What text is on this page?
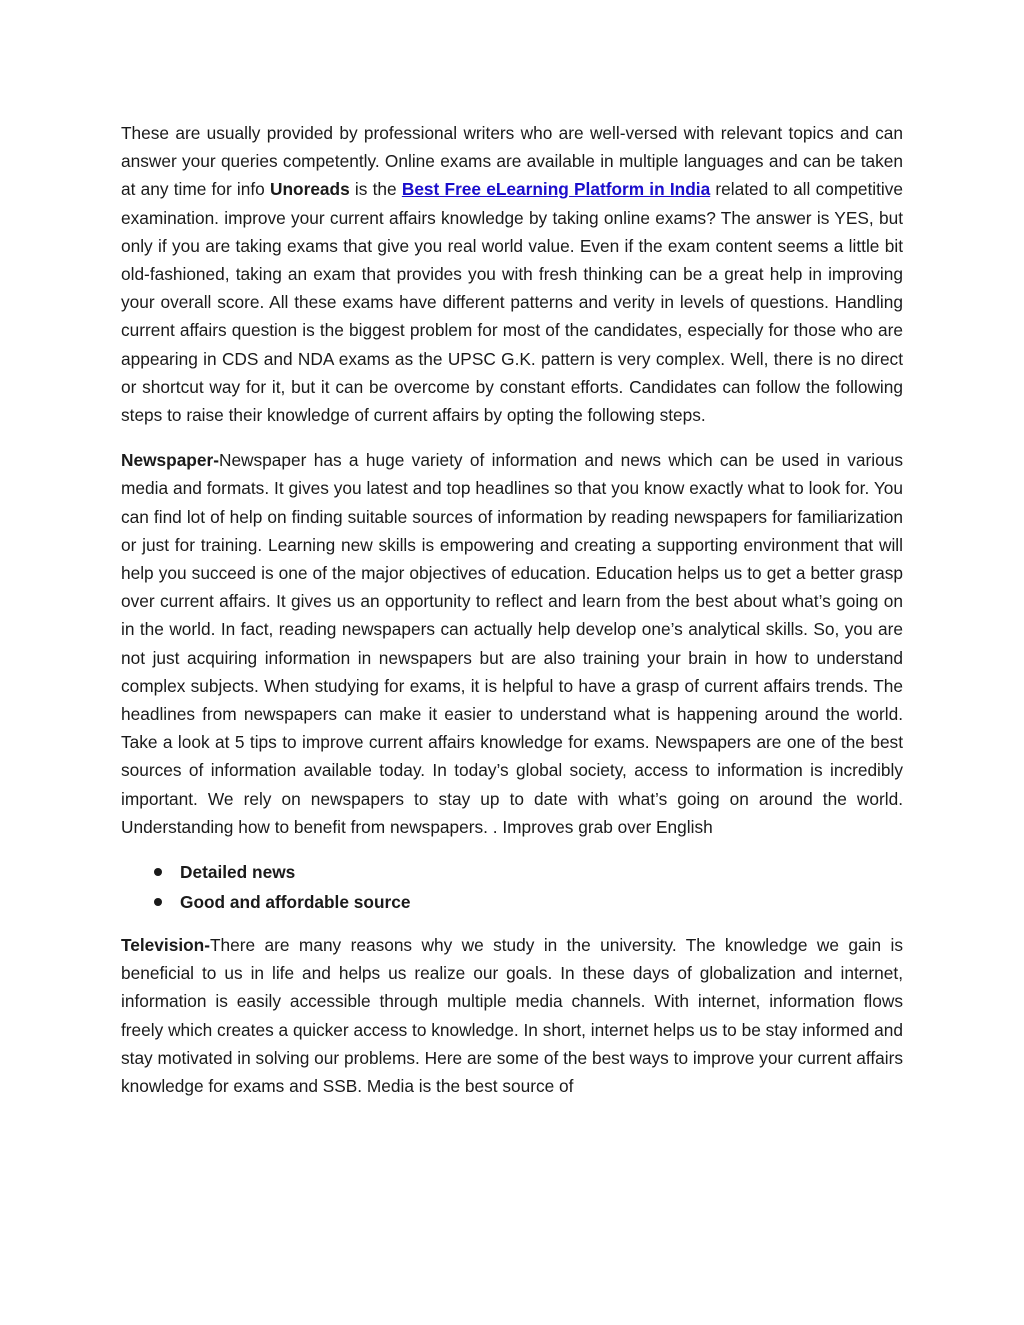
These are usually provided by professional writers who are well-versed with relevant topics and can answer your queries competently. Online exams are available in multiple languages and can be taken at any time for info Unoreads is the Best Free eLearning Platform in India related to all competitive examination. improve your current affairs knowledge by taking online exams? The answer is YES, but only if you are taking exams that give you real world value. Even if the exam content seems a little bit old-fashioned, taking an exam that provides you with fresh thinking can be a great help in improving your overall score. All these exams have different patterns and verity in levels of questions. Handling current affairs question is the biggest problem for most of the candidates, especially for those who are appearing in CDS and NDA exams as the UPSC G.K. pattern is very complex. Well, there is no direct or shortcut way for it, but it can be overcome by constant efforts. Candidates can follow the following steps to raise their knowledge of current affairs by opting the following steps.

Newspaper-Newspaper has a huge variety of information and news which can be used in various media and formats. It gives you latest and top headlines so that you know exactly what to look for. You can find lot of help on finding suitable sources of information by reading newspapers for familiarization or just for training. Learning new skills is empowering and creating a supporting environment that will help you succeed is one of the major objectives of education. Education helps us to get a better grasp over current affairs. It gives us an opportunity to reflect and learn from the best about what’s going on in the world. In fact, reading newspapers can actually help develop one’s analytical skills. So, you are not just acquiring information in newspapers but are also training your brain in how to understand complex subjects. When studying for exams, it is helpful to have a grasp of current affairs trends. The headlines from newspapers can make it easier to understand what is happening around the world. Take a look at 5 tips to improve current affairs knowledge for exams. Newspapers are one of the best sources of information available today. In today’s global society, access to information is incredibly important. We rely on newspapers to stay up to date with what’s going on around the world. Understanding how to benefit from newspapers. . Improves grab over English

Detailed news
Good and affordable source

Television-There are many reasons why we study in the university. The knowledge we gain is beneficial to us in life and helps us realize our goals. In these days of globalization and internet, information is easily accessible through multiple media channels. With internet, information flows freely which creates a quicker access to knowledge. In short, internet helps us to be stay informed and stay motivated in solving our problems. Here are some of the best ways to improve your current affairs knowledge for exams and SSB. Media is the best source of
